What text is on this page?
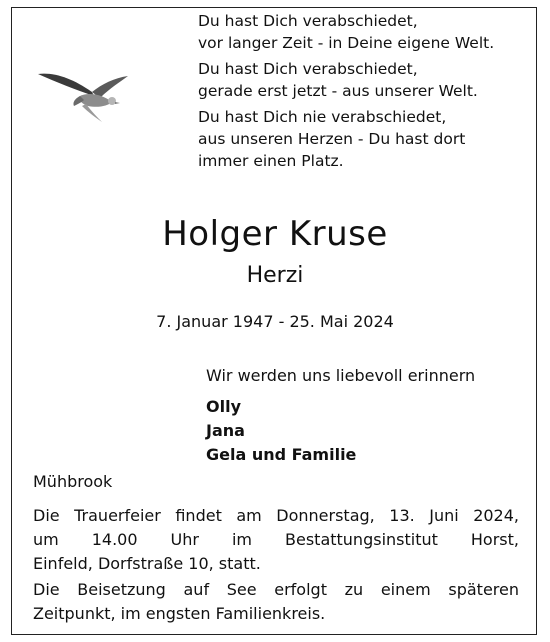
Du hast Dich verabschiedet,
vor langer Zeit - in Deine eigene Welt.
Du hast Dich verabschiedet,
gerade erst jetzt - aus unserer Welt.
Du hast Dich nie verabschiedet,
aus unseren Herzen - Du hast dort
immer einen Platz.
Holger Kruse
Herzi
7. Januar 1947 - 25. Mai 2024
Wir werden uns liebevoll erinnern
Olly
Jana
Gela und Familie
Mühbrook
Die Trauerfeier findet am Donnerstag, 13. Juni 2024,
um 14.00 Uhr im Bestattungsinstitut Horst,
Einfeld, Dorfstraße 10, statt.
Die Beisetzung auf See erfolgt zu einem späteren
Zeitpunkt, im engsten Familienkreis.
